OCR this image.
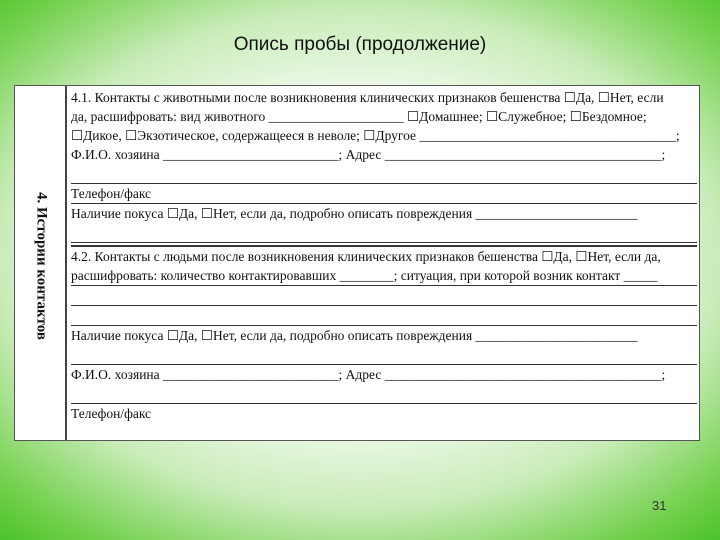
Опись пробы (продолжение)
4. Истории контактов
4.1. Контакты с животными после возникновения клинических признаков бешенства ☐Да, ☐Нет, если
да, расшифровать: вид животного ____________________ ☐Домашнее; ☐Служебное; ☐Бездомное;
☐Дикое, ☐Экзотическое, содержащееся в неволе; ☐Другое ______________________________________;
Ф.И.О. хозяина __________________________; Адрес _________________________________________;
Телефон/факс
Наличие покуса ☐Да, ☐Нет, если да, подробно описать повреждения ________________________
4.2. Контакты с людьми после возникновения клинических признаков бешенства ☐Да, ☐Нет, если да,
расшифровать: количество контактировавших ________; ситуация, при которой возник контакт _____
Наличие покуса ☐Да, ☐Нет, если да, подробно описать повреждения ________________________
Ф.И.О. хозяина __________________________; Адрес _________________________________________;
Телефон/факс
31
